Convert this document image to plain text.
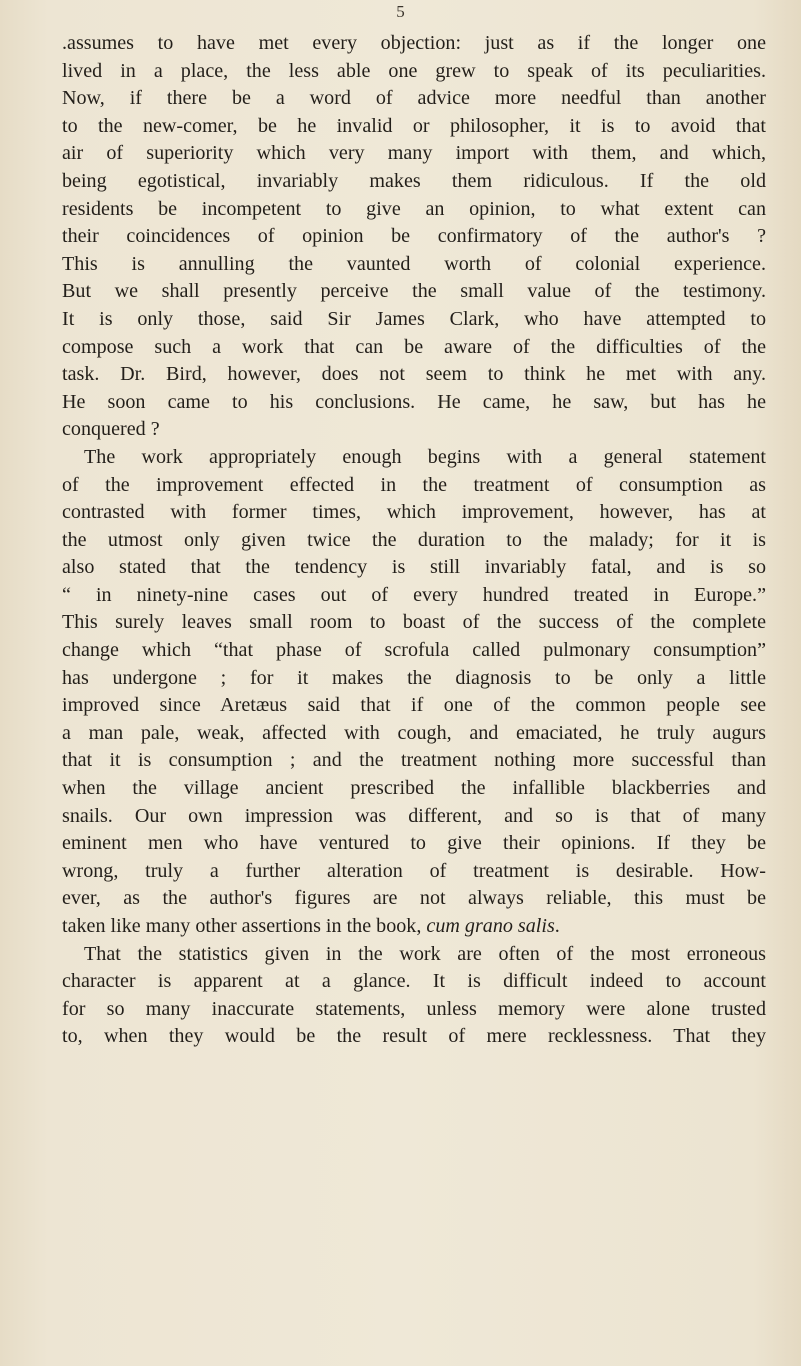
5
.assumes to have met every objection: just as if the longer one
lived in a place, the less able one grew to speak of its peculiarities.
Now, if there be a word of advice more needful than another
to the new-comer, be he invalid or philosopher, it is to avoid that
air of superiority which very many import with them, and which,
being egotistical, invariably makes them ridiculous. If the old
residents be incompetent to give an opinion, to what extent can
their coincidences of opinion be confirmatory of the author's ?
This is annulling the vaunted worth of colonial experience.
But we shall presently perceive the small value of the testimony.
It is only those, said Sir James Clark, who have attempted to
compose such a work that can be aware of the difficulties of the
task. Dr. Bird, however, does not seem to think he met with any.
He soon came to his conclusions. He came, he saw, but has he
conquered ?
The work appropriately enough begins with a general statement
of the improvement effected in the treatment of consumption as
contrasted with former times, which improvement, however, has at
the utmost only given twice the duration to the malady; for it is
also stated that the tendency is still invariably fatal, and is so
“ in ninety-nine cases out of every hundred treated in Europe.”
This surely leaves small room to boast of the success of the complete
change which “that phase of scrofula called pulmonary consumption”
has undergone ; for it makes the diagnosis to be only a little
improved since Aretæus said that if one of the common people see
a man pale, weak, affected with cough, and emaciated, he truly augurs
that it is consumption ; and the treatment nothing more successful than
when the village ancient prescribed the infallible blackberries and
snails. Our own impression was different, and so is that of many
eminent men who have ventured to give their opinions. If they be
wrong, truly a further alteration of treatment is desirable. How-
ever, as the author's figures are not always reliable, this must be
taken like many other assertions in the book, cum grano salis.
That the statistics given in the work are often of the most erroneous
character is apparent at a glance. It is difficult indeed to account
for so many inaccurate statements, unless memory were alone trusted
to, when they would be the result of mere recklessness. That they
